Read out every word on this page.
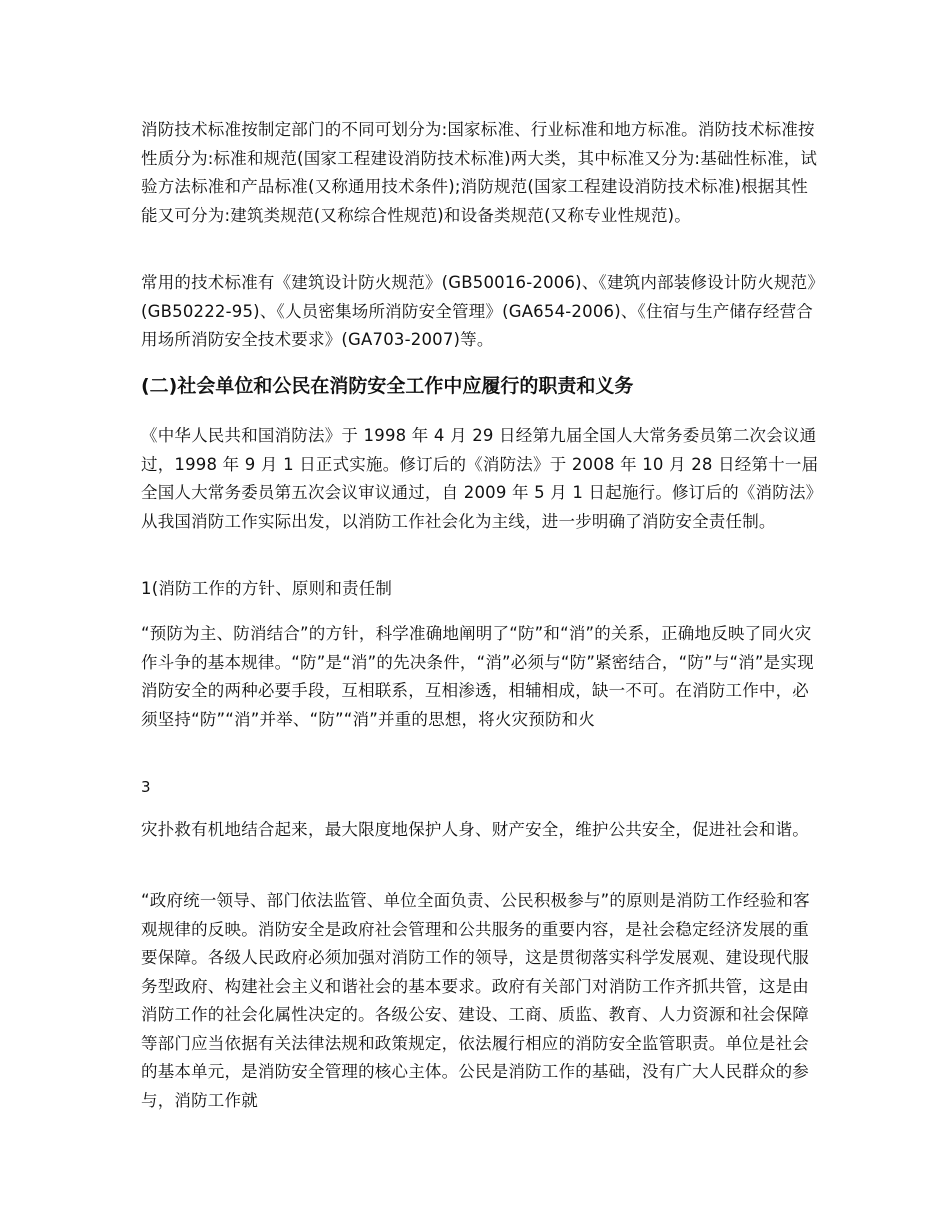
消防技术标准按制定部门的不同可划分为:国家标准、行业标准和地方标准。消防技术标准按性质分为:标准和规范(国家工程建设消防技术标准)两大类，其中标准又分为:基础性标准，试验方法标准和产品标准(又称通用技术条件);消防规范(国家工程建设消防技术标准)根据其性能又可分为:建筑类规范(又称综合性规范)和设备类规范(又称专业性规范)。

常用的技术标准有《建筑设计防火规范》(GB50016-2006)、《建筑内部装修设计防火规范》(GB50222-95)、《人员密集场所消防安全管理》(GA654-2006)、《住宿与生产储存经营合用场所消防安全技术要求》(GA703-2007)等。

(二)社会单位和公民在消防安全工作中应履行的职责和义务

《中华人民共和国消防法》于 1998 年 4 月 29 日经第九届全国人大常务委员第二次会议通过，1998 年 9 月 1 日正式实施。修订后的《消防法》于 2008 年 10 月 28 日经第十一届全国人大常务委员第五次会议审议通过，自 2009 年 5 月 1 日起施行。修订后的《消防法》从我国消防工作实际出发，以消防工作社会化为主线，进一步明确了消防安全责任制。

1(消防工作的方针、原则和责任制

“预防为主、防消结合”的方针，科学准确地阐明了“防”和“消”的关系，正确地反映了同火灾作斗争的基本规律。“防”是“消”的先决条件，“消”必须与“防”紧密结合，“防”与“消”是实现消防安全的两种必要手段，互相联系，互相渗透，相辅相成，缺一不可。在消防工作中，必须坚持“防”“消”并举、“防”“消”并重的思想，将火灾预防和火

3

灾扑救有机地结合起来，最大限度地保护人身、财产安全，维护公共安全，促进社会和谐。

“政府统一领导、部门依法监管、单位全面负责、公民积极参与”的原则是消防工作经验和客观规律的反映。消防安全是政府社会管理和公共服务的重要内容，是社会稳定经济发展的重要保障。各级人民政府必须加强对消防工作的领导，这是贯彻落实科学发展观、建设现代服务型政府、构建社会主义和谐社会的基本要求。政府有关部门对消防工作齐抓共管，这是由消防工作的社会化属性决定的。各级公安、建设、工商、质监、教育、人力资源和社会保障等部门应当依据有关法律法规和政策规定，依法履行相应的消防安全监管职责。单位是社会的基本单元，是消防安全管理的核心主体。公民是消防工作的基础，没有广大人民群众的参与，消防工作就
